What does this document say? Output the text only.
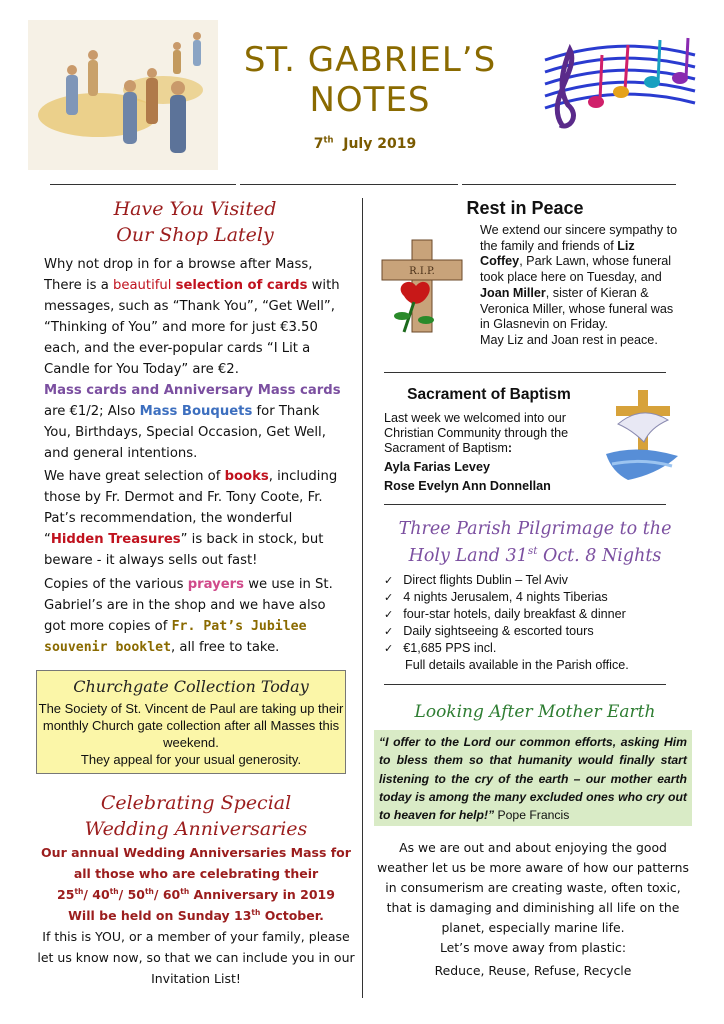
ST. GABRIEL’S
NOTES
7th July 2019
Have You Visited
Our Shop Lately
Why not drop in for a browse after Mass, There is a beautiful selection of cards with messages, such as “Thank You”, “Get Well”, “Thinking of You” and more for just €3.50 each, and the ever-popular cards “I Lit a Candle for You Today” are €2.
Mass cards and Anniversary Mass cards are €1/2; Also Mass Bouquets for Thank You, Birthdays, Special Occasion, Get Well, and general intentions.
We have great selection of books, including those by Fr. Dermot and Fr. Tony Coote, Fr. Pat’s recommendation, the wonderful “Hidden Treasures” is back in stock, but beware - it always sells out fast!
Copies of the various prayers we use in St. Gabriel’s are in the shop and we have also got more copies of Fr. Pat’s Jubilee souvenir booklet, all free to take.
Churchgate Collection Today
The Society of St. Vincent de Paul are taking up their monthly Church gate collection after all Masses this weekend.
They appeal for your usual generosity.
Celebrating Special
Wedding Anniversaries
Our annual Wedding Anniversaries Mass for all those who are celebrating their
25th/ 40th/ 50th/ 60th Anniversary in 2019
Will be held on Sunday 13th October.
If this is YOU, or a member of your family, please let us know now, so that we can include you in our Invitation List!
Rest in Peace
R.I.P.
We extend our sincere sympathy to the family and friends of Liz Coffey, Park Lawn, whose funeral took place here on Tuesday, and Joan Miller, sister of Kieran & Veronica Miller, whose funeral was in Glasnevin on Friday.
May Liz and Joan rest in peace.
Sacrament of Baptism
Last week we welcomed into our Christian Community through the Sacrament of Baptism:
Ayla Farias Levey
Rose Evelyn Ann Donnellan
Three Parish Pilgrimage to the
Holy Land 31st Oct. 8 Nights
✓ Direct flights Dublin – Tel Aviv
✓ 4 nights Jerusalem, 4 nights Tiberias
✓ four-star hotels, daily breakfast & dinner
✓ Daily sightseeing & escorted tours
✓ €1,685 PPS incl.
Full details available in the Parish office.
Looking After Mother Earth
“I offer to the Lord our common efforts, asking Him to bless them so that humanity would finally start listening to the cry of the earth – our mother earth today is among the many excluded ones who cry out to heaven for help!” Pope Francis
As we are out and about enjoying the good weather let us be more aware of how our patterns in consumerism are creating waste, often toxic, that is damaging and diminishing all life on the planet, especially marine life.
Let’s move away from plastic:
Reduce, Reuse, Refuse, Recycle
